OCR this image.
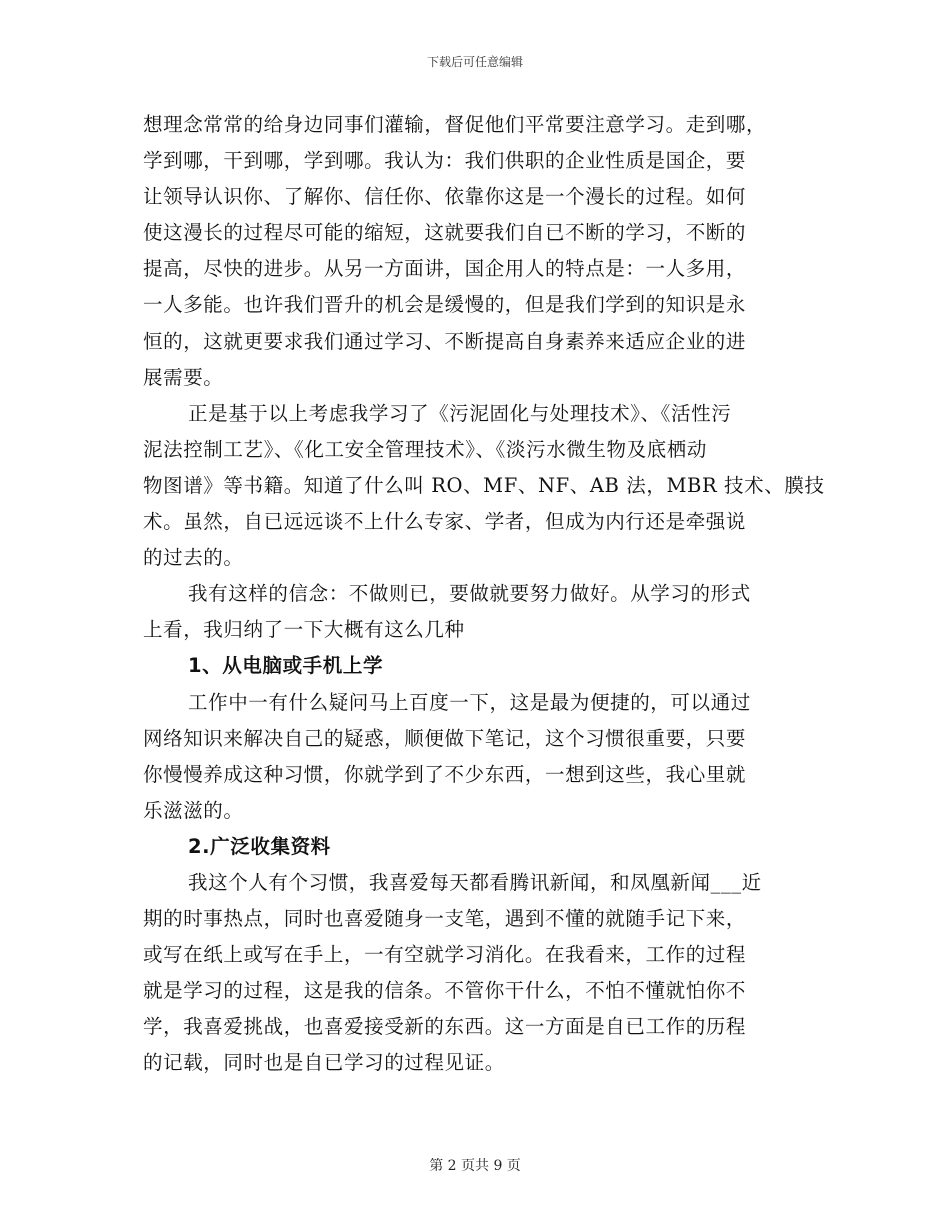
下载后可任意编辑
想理念常常的给身边同事们灌输，督促他们平常要注意学习。走到哪，
学到哪，干到哪，学到哪。我认为：我们供职的企业性质是国企，要
让领导认识你、了解你、信任你、依靠你这是一个漫长的过程。如何
使这漫长的过程尽可能的缩短，这就要我们自已不断的学习，不断的
提高，尽快的进步。从另一方面讲，国企用人的特点是：一人多用，
一人多能。也许我们晋升的机会是缓慢的，但是我们学到的知识是永
恒的，这就更要求我们通过学习、不断提高自身素养来适应企业的进
展需要。
正是基于以上考虑我学习了《污泥固化与处理技术》、《活性污
泥法控制工艺》、《化工安全管理技术》、《淡污水微生物及底栖动
物图谱》等书籍。知道了什么叫 RO、MF、NF、AB 法，MBR 技术、膜技
术。虽然，自已远远谈不上什么专家、学者，但成为内行还是牵强说
的过去的。
我有这样的信念：不做则已，要做就要努力做好。从学习的形式
上看，我归纳了一下大概有这么几种
1、从电脑或手机上学
工作中一有什么疑问马上百度一下，这是最为便捷的，可以通过
网络知识来解决自己的疑惑，顺便做下笔记，这个习惯很重要，只要
你慢慢养成这种习惯，你就学到了不少东西，一想到这些，我心里就
乐滋滋的。
2.广泛收集资料
我这个人有个习惯，我喜爱每天都看腾讯新闻，和凤凰新闻___近
期的时事热点，同时也喜爱随身一支笔，遇到不懂的就随手记下来，
或写在纸上或写在手上，一有空就学习消化。在我看来，工作的过程
就是学习的过程，这是我的信条。不管你干什么，不怕不懂就怕你不
学，我喜爱挑战，也喜爱接受新的东西。这一方面是自已工作的历程
的记载，同时也是自已学习的过程见证。
第 2 页共 9 页
